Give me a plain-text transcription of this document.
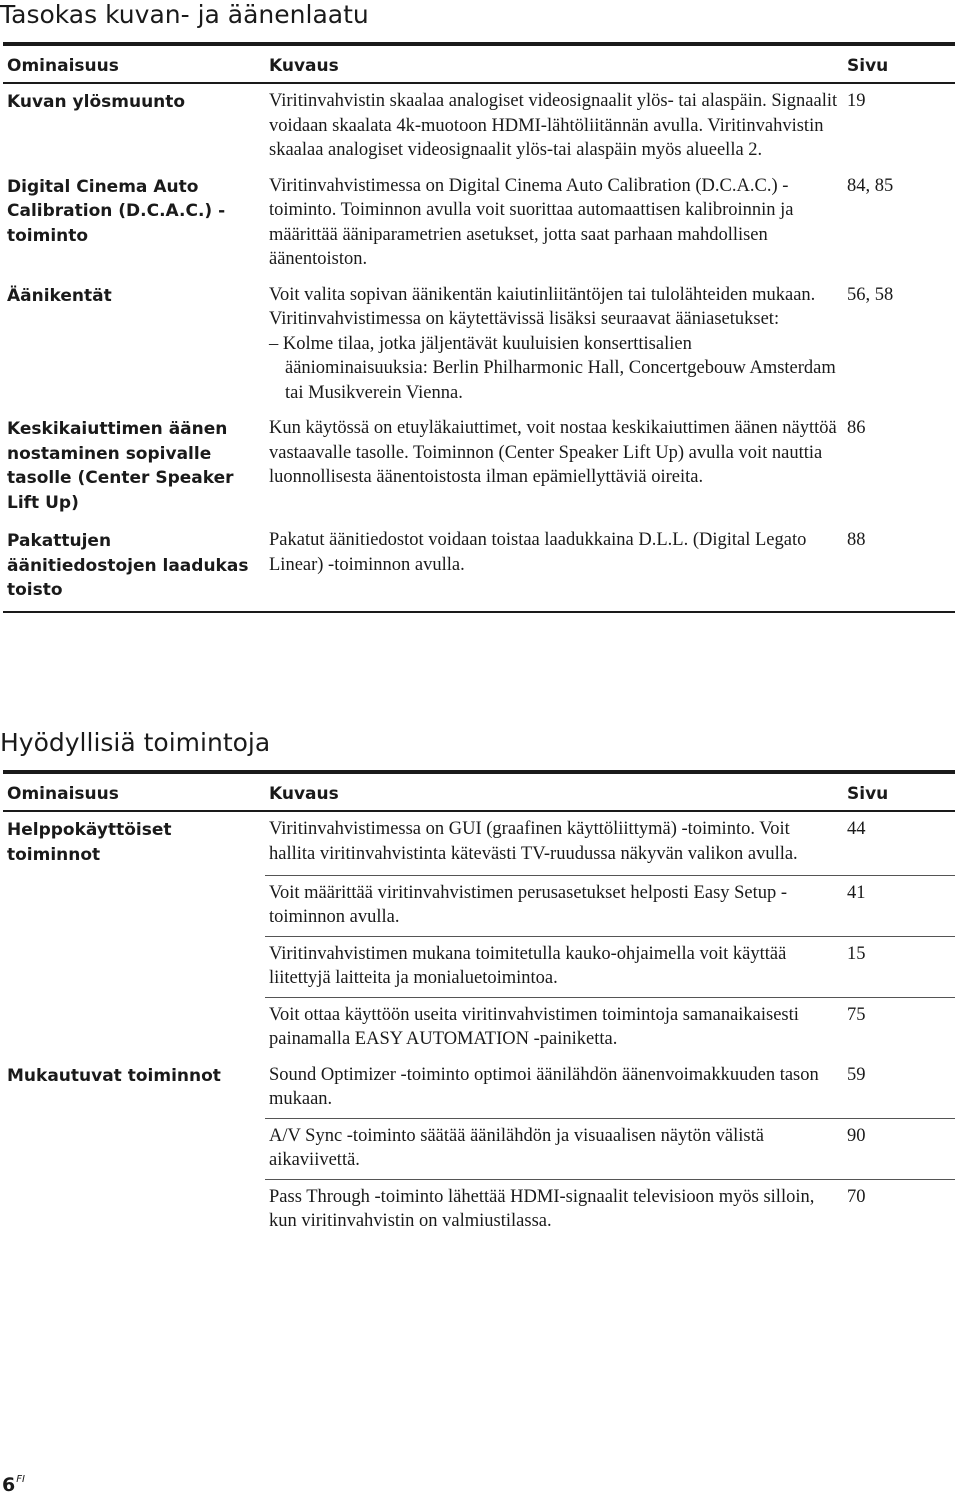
Tasokas kuvan- ja äänenlaatu
Ominaisuus	Kuvaus	Sivu
Kuvan ylösmuunto	Viritinvahvistin skaalaa analogiset videosignaalit ylös- tai alaspäin. Signaalit voidaan skaalata 4k-muotoon HDMI-lähtöliitännän avulla. Viritinvahvistin skaalaa analogiset videosignaalit ylös-tai alaspäin myös alueella 2.	19
Digital Cinema Auto Calibration (D.C.A.C.) -toiminto	Viritinvahvistimessa on Digital Cinema Auto Calibration (D.C.A.C.) -toiminto. Toiminnon avulla voit suorittaa automaattisen kalibroinnin ja määrittää ääniparametrien asetukset, jotta saat parhaan mahdollisen äänentoiston.	84, 85
Äänikentät	Voit valita sopivan äänikentän kaiutinliitäntöjen tai tulolähteiden mukaan.
Viritinvahvistimessa on käytettävissä lisäksi seuraavat ääniasetukset:
– Kolme tilaa, jotka jäljentävät kuuluisien konserttisalien ääniominaisuuksia: Berlin Philharmonic Hall, Concertgebouw Amsterdam tai Musikverein Vienna.	56, 58
Keskikaiuttimen äänen nostaminen sopivalle tasolle (Center Speaker Lift Up)	Kun käytössä on etuyläkaiuttimet, voit nostaa keskikaiuttimen äänen näyttöä vastaavalle tasolle. Toiminnon (Center Speaker Lift Up) avulla voit nauttia luonnollisesta äänentoistosta ilman epämiellyttäviä oireita.	86
Pakattujen äänitiedostojen laadukas toisto	Pakatut äänitiedostot voidaan toistaa laadukkaina D.L.L. (Digital Legato Linear) -toiminnon avulla.	88
Hyödyllisiä toimintoja
Ominaisuus	Kuvaus	Sivu
Helppokäyttöiset toiminnot	Viritinvahvistimessa on GUI (graafinen käyttöliittymä) -toiminto. Voit hallita viritinvahvistinta kätevästi TV-ruudussa näkyvän valikon avulla.	44
	Voit määrittää viritinvahvistimen perusasetukset helposti Easy Setup -toiminnon avulla.	41
	Viritinvahvistimen mukana toimitetulla kauko-ohjaimella voit käyttää liitettyjä laitteita ja monialuetoimintoa.	15
	Voit ottaa käyttöön useita viritinvahvistimen toimintoja samanaikaisesti painamalla EASY AUTOMATION -painiketta.	75
Mukautuvat toiminnot	Sound Optimizer -toiminto optimoi äänilähdön äänenvoimakkuuden tason mukaan.	59
	A/V Sync -toiminto säätää äänilähdön ja visuaalisen näytön välistä aikaviivettä.	90
	Pass Through -toiminto lähettää HDMI-signaalit televisioon myös silloin, kun viritinvahvistin on valmiustilassa.	70
$6^{FI}$
